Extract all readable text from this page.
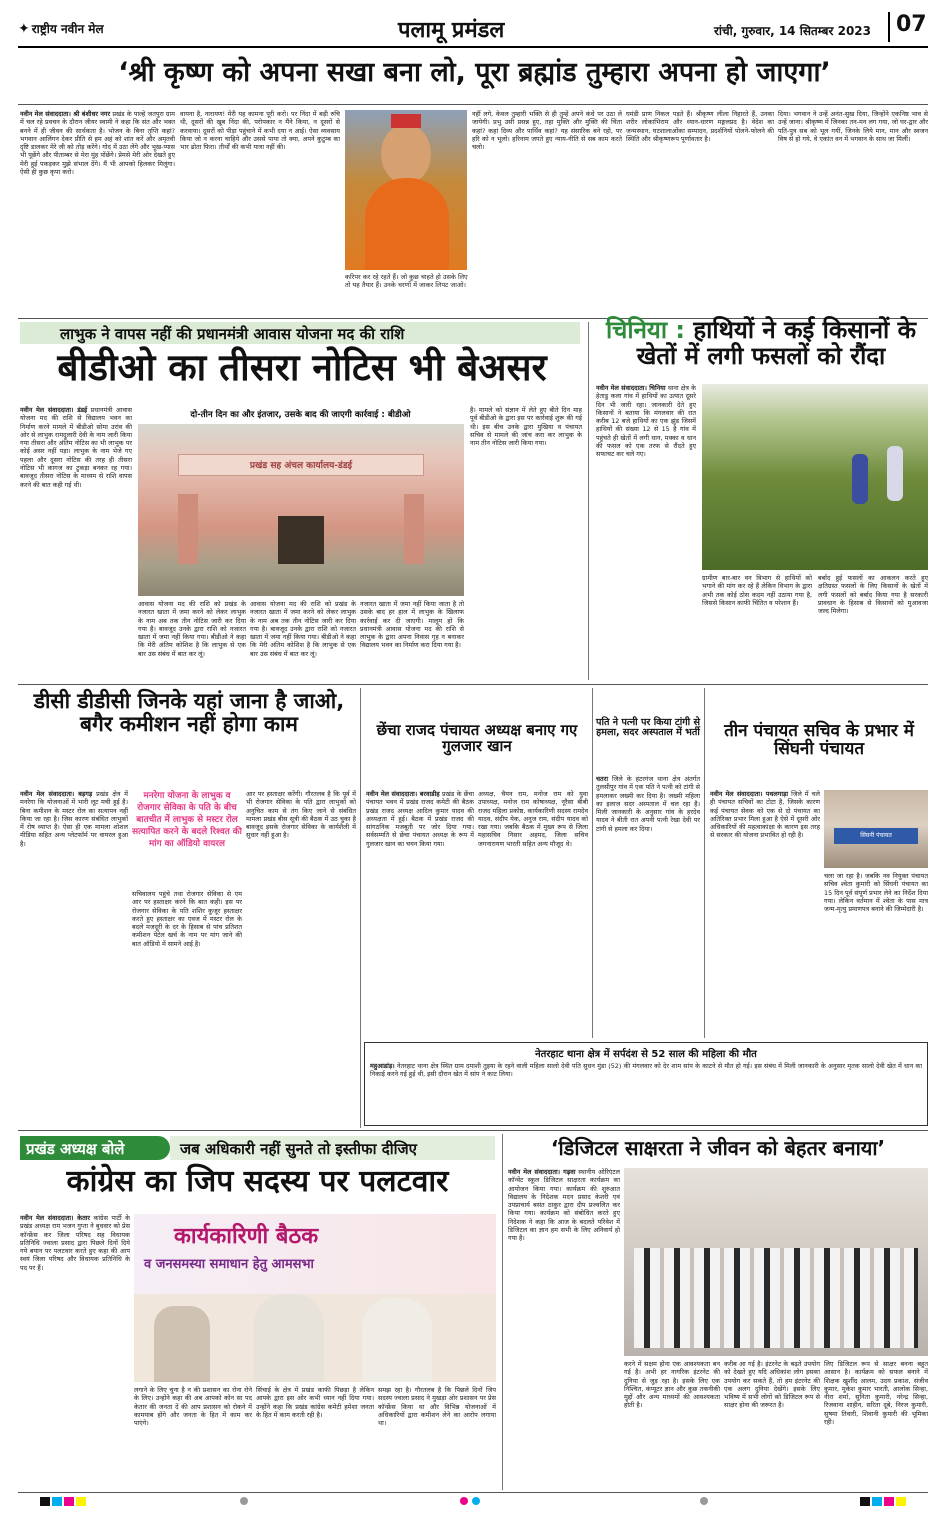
✦ राष्ट्रीय नवीन मेल	पलामू प्रमंडल	रांची, गुरुवार, 14 सितम्बर 2023	07
‘श्री कृष्ण को अपना सखा बना लो, पूरा ब्रह्मांड तुम्हारा अपना हो जाएगा’
नवीन मेल संवाददाता। श्री बंशीधर नगर प्रखंड के पाल्हे जतपुरा ग्राम में चल रहे प्रवचन के दौरान जीयर स्वामी ने कहा कि संत और भक्त बनने में ही जीवन की सार्थकता है। भोजन के बिना तृप्ति कहां? भगवान आलिंगन देकर प्रीति से हम अहं को शांत करें और अमृतवी दृष्टि डालकर मेरे जी को तोड़ करेंगे। गोद में उठा लेंगे और भूख-प्यास भी पूछेंगे और पीताम्बर से मेरा मुंह पोंछेंगे। प्रेमसे मेरी ओर देखते हुए मेरी हुई पकड़कर मुझे संभाल देंगे। मैं भी आपको हिलकर मिलूंगा। ऐसी ही कुछ कृपा करो।
वायना है, नारायण! मेरी यह कामना पूरी करो। पर निंदा में बड़ी रुचि थी, दूसरों की खूब निंदा की, परोपकार न मैंने किया, न दूसरों से करवाया। दूसरों को पीड़ा पहुंचाने में कभी दया न आई। ऐसा व्यवसाय किया जो न करना चाहिये और उससे पाया तो क्या, अपने कुटुम्ब का भार ढोता फिरा। तीर्थों की कभी यात्रा नहीं की।
करिपर कर रहे रहते हैं। जो कुछ चाहते हो उसके लिए तो यह तैयार हैं। उनके चरणों में जाकर लिपट जाओ।
नहीं लगे, केवल तुम्हारी भक्ति से ही तुम्हें अपने कंधे पर उठा ले जायेगी। प्रभु उसी प्रसन्न हुए, तहा मुक्ति और मुक्ति की चिंता कहां? कहां दिव्य और पार्थिव कहां? यह संसारिक बने रहो, पर हरि को न भूलो। हरिनाम जपते हुए न्याय-नीति से सब काम करते चलो।
घमंडी प्राण निकल पड़ते हैं। श्रीकृष्ण लीला निहारते हैं, उनका शरीर लोकाभिराम और ध्यान-धारण मङ्गलप्रद है। वेदेश का जन्मस्थान, घटशालाओंका सम्पादन, प्रदर्शनियों पोलने-फोलने की स्थिति और श्रीकृष्णरूप पूर्णावतार है।
दिया। भगवान ने उन्हें अनंत-सुख दिया, जिन्होंने एकनिष्ठ भाव से उन्हें जाना। श्रीकृष्ण में जिनका तन-मन लग गया, जो घर-द्वार और पति-पुत्र सब को भूल गयीं, जिनके लिये मान, मान और स्वजन विष से हो गये, वे एकांत वन में भगवान के साथ जा मिलीं।
लाभुक ने वापस नहीं की प्रधानमंत्री आवास योजना मद की राशि
बीडीओ का तीसरा नोटिस भी बेअसर
नवीन मेल संवाददाता। डंडई प्रधानमंत्री आवास योजना मद की राशि से विद्यालय भवन का निर्माण करने मामले में बीडीओ सोमा उरांव की ओर से लाभुक रामदुलारी देवी के नाम जारी किया गया तीसरा और अंतिम नोटिस का भी लाभुक पर कोई असर नहीं पड़ा। लाभुक के नाम भेजे गए पहला और दूसरा नोटिस की तरह ही तीसरा नोटिस भी कागज का टुकड़ा बनकर रह गया। बावजूद तीसरा नोटिस के माध्यम से राशि वापस करने की बात कही गई थी।
दो-तीन दिन का और इंतजार, उसके बाद की जाएगी कार्रवाई : बीडीओ
प्रखंड सह अंचल कार्यालय-डंडई
आवास योजना मद की राशि को प्रखंड के नजारत खाता में जमा करने को लेकर लाभुक के नाम अब तक तीन नोटिस जारी कर दिया गया है। बावजूद उनके द्वारा राशि को नजारत खाता में जमा नहीं किया गया। बीडीओ ने कहा कि मेरी अंतिम कोशिश है कि लाभुक से एक बार उस संबंध में बात कर लूं।
आवास योजना मद की राशि को प्रखंड के नजारत खाता में जमा करने को लेकर लाभुक के नाम अब तक तीन नोटिस जारी कर दिया गया है। बावजूद उनके द्वारा राशि को नजारत खाता में जमा नहीं किया गया। बीडीओ ने कहा कि मेरी अंतिम कोशिश है कि लाभुक से एक बार उस संबंध में बात कर लूं।
नजारत खाता में जमा नहीं किया जाता है तो उसके बाद हर हाल में लाभुक के खिलाफ कार्रवाई कर दी जाएगी। मालूम हो कि प्रधानमंत्री आवास योजना मद की राशि से लाभुक के द्वारा अपना निवास गृह न बनाकर विद्यालय भवन का निर्माण करा दिया गया है।
है। मामले को संज्ञान में लेते हुए बीते दिन माह पूर्व बीडीओ के द्वारा इस पर कार्रवाई शुरू की गई थी। इस बीच उनके द्वारा मुखिया व पंचायत सचिव से मामले की जांच करा कर लाभुक के नाम तीन नोटिस जारी किया गया।
चिनिया : हाथियों ने कई किसानों के खेतों में लगी फसलों को रौंदा
नवीन मेल संवाददाता। चिनिया थाना क्षेत्र के हेताडु कला गांव में हाथियों का उत्पात दूसरे दिन भी जारी रहा। जानकारी देते हुए किसानों ने बताया कि मंगलवार की रात करीब 12 बजे हाथियों का एक झुंड जिसमें हाथियों की संख्या 12 से 15 है गांव में पहुंचते ही खेतों में लगी धान, मक्का व धान की फसल को एक तरफ से रौंदते हुए सफाचट कर चले गए।
ग्रामीण बार-बार वन विभाग से हाथियों को भगाने की मांग कर रहे हैं लेकिन विभाग के द्वारा अभी तक कोई ठोस कदम नहीं उठाया गया है, जिससे किसान काफी चिंतित व परेशान हैं।
बर्बाद हुई फसलों का आकलन करते हुए क्षतिग्रस्त फसलों के लिए किसानों के खेतों में लगी फसलों को बर्बाद किया गया है सरकारी प्रावधान के हिसाब से किसानों को मुआवजा जल्द मिलेगा।
डीसी डीडीसी जिनके यहां जाना है जाओ, बगैर कमीशन नहीं होगा काम
नवीन मेल संवाददाता। बड़गड़ प्रखंड क्षेत्र में मनरेगा कि योजनाओं में भारी लूट मची हुई है। बिना कमीशन के मस्टर रोल का सत्यापन नहीं किया जा रहा है। जिस कारण संबंधित लाभुकों में रोष व्याप्त है। ऐसा ही एक मामला शोशल मीडिया सहित अन्य प्लेटफॉर्म पर वायरल हुआ है।
मनरेगा योजना के लाभुक व रोजगार सेविका के पति के बीच बातचीत में लाभुक से मस्टर रोल सत्यापित करने के बदले रिश्वत की मांग का ऑडियो वायरल
सचिवालय पहुंचे तथा रोजगार सेविका से एम आर पर हस्ताक्षर करने कि बात कही। इस पर रोजगार सेविका के पति शशिर कुजूर हस्ताक्षर करते हुए हस्ताक्षर का एवज में मस्टर रोल के बदले मजदूरी के दर के हिसाब से पांच प्रतिशत कमीशन पेटेल खर्च के नाम पर मांग जाने की बात ऑडियो में सामने आई है।
आर पर हस्ताक्षर करेंगी। गौरतलब है कि पूर्व में भी रोजगार सेविका के पति द्वारा लाभुकों को अनुचित काम से तंग किए जाने से संबंधित मामला प्रखंड बीस सूत्री की बैठक में उठ चुका है बावजूद इसके रोजगार सेविका के कार्यशैली में सुधार नहीं हुआ है।
छेंचा राजद पंचायत अध्यक्ष बनाए गए गुलजार खान
नवीन मेल संवाददाता। बरवाडीह प्रखंड के छेंचा पंचायत भवन में प्रखंड राजद कमेटी की बैठक प्रखंड राजद अध्यक्ष आदिल कुमार यादव की अध्यक्षता में हुई। बैठक में प्रखंड राजद की सांगठनिक मजबूती पर जोर दिया गया। सर्वसम्मति से छेंचा पंचायत अध्यक्ष के रूप में गुलजार खान का चयन किया गया।
अध्यक्ष, चैयन राम, मनोज राम को युवा उपाध्यक्ष, मनोज राम कोषाध्यक्ष, नूरैसा बीबी राजद महिला प्रकोष्ठ, कार्यकारिणी सदस्य रामदेव यादव, संदीप येक, अनुज राम, संदीप यादव को रखा गया। जबकि बैठक में मुख्य रूप से जिला महासचिव निसार अहमद, जिला सचिव जगनारायण भारती सहित अन्य मौजूद थे।
पति ने पत्नी पर किया टांगी से हमला, सदर अस्पताल में भर्ती
चतरा जिले के हंटरगंज थाना क्षेत्र अंतर्गत तुलसीपुर गांव में एक पति ने पत्नी को टांगी से हमलाकर जख्मी कर दिया है। जख्मी महिला का इलाज सदर अस्पताल में चल रहा है। मिली जानकारी के अनुसार गांव के हरदेव यादव ने बीती रात अपनी पत्नी रेखा देवी पर टांगी से हमला कर दिया।
तीन पंचायत सचिव के प्रभार में सिंघनी पंचायत
नवीन मेल संवाददाता। पथलगाड़ा जिले में चले ही पंचायत सचिवों का टोटा है, जिसके कारण कई पंचायत सेवक को एक से दो पंचायत का अतिरिक्त प्रभार मिला हुआ है ऐसे में दूसरी ओर अधिकारियों की महत्वाकांक्षा के कारण इस तरह से सरकार की योजना प्रभावित हो रही है।	सिंघनी पंचायत
चला जा रहा है। जबकि नव नियुक्त पंचायत सचिव श्वेता कुमारी को सिंघनी पंचायत का 15 दिन पूर्व संपूर्ण प्रभार लेने का निर्देश दिया गया। लेकिन वर्तमान में श्वेता के पास मात्र जन्म-मृत्यु प्रमाणपत्र बनाने की जिम्मेदारी है।
नेतरहाट थाना क्षेत्र में सर्पदंश से 52 साल की महिला की मौत
महुआडांड़। नेतरहाट थाना क्षेत्र स्थित ग्राम दमाशी तुइया के रहने वाली महिला सालो देवी पति सुधन मुंडा (52) की मंगलवार को देर शाम सांप के काटने से मौत हो गई। इस संबंध में मिली जानकारी के अनुसार मृतक सालो देवी खेत में धान का निकाई करने गई हुई थी, इसी दौरान खेत में सांप ने काट लिया।
प्रखंड अध्यक्ष बोले	जब अधिकारी नहीं सुनते तो इस्तीफा दीजिए
कांग्रेस का जिप सदस्य पर पलटवार
नवीन मेल संवाददाता। केतार कांग्रेस पार्टी के प्रखंड अध्यक्ष राम भजन गुप्ता ने बुधवार को प्रेस कॉन्फ्रेंस कर जिला परिषद सह विधायक प्रतिनिधि ज्वाला प्रसाद द्वारा पिछले दिनों दिये गये बयान पर पलटवार करते हुए कहा की आप स्वयं जिला परिषद और विधायक प्रतिनिधि के पद पर हैं।
कार्यकारिणी बैठक
व जनसमस्या समाधान हेतु आमसभा
लगाने के लिए चुना है न की प्रशासन का रोना रोने के लिए। उन्होंने कहा की अब आपको कोन सा पद केतार की जनता दें की आप प्रशासन को रोकने में कामयाब होंगे और जनता के हित में काम कर पाएंगे।
सिंचाई के क्षेत्र में प्रखंड काफी पिछड़ा है लेकिन आपके द्वारा इस ओर कभी ध्यान नहीं दिया गया। उन्होंने कहा कि प्रखंड कांग्रेस कमेटी हमेशा जनता के हित में काम करती रही है।
समझ रहा है। गौरतलब है कि पिछले दिनों जिप सदस्य ज्वाला प्रसाद ने मुखड़ा ओर प्रशासन पर प्रेस कॉन्फ्रेंस किया था और विभिन्न योजनाओं में अधिकारियों द्वारा कमीशन लेने का आरोप लगाया था।
‘डिजिटल साक्षरता ने जीवन को बेहतर बनाया’
नवीन मेल संवाददाता। गढ़वा स्थानीय ओरिएंटल कॉन्वेंट स्कूल डिजिटल साक्षरता कार्यक्रम का आयोजन किया गया। कार्यक्रम की शुरुआत विद्यालय के निदेशक मदन प्रसाद केशरी एवं उपप्राचार्य बसंत ठाकुर द्वारा दीप प्रज्वलित कर किया गया। कार्यक्रम को संबोधित करते हुए निदेशक ने कहा कि आज के बदलते परिवेश में डिजिटल का ज्ञान हम सभी के लिए अनिवार्य हो गया है।
करने में सक्षम होना एक आवश्यकता बन गई है। अभी हर नागरिक इंटरनेट की दुनिया से जुड़ रहा है। इसके लिए एक निश्चित, कंप्यूटर ज्ञान और कुछ तकनीकी मुद्दों और अन्य माध्यमों की आवश्यकता होती है।
करीब आ गई है। इंटरनेट के बढ़ते उपयोग को देखते हुए यदि अधिकांश लोग इसका उपयोग कर सकते हैं, तो हम इंटरनेट की एक अलग दुनिया देखेंगे। इसके लिए भविष्य में सभी लोगों को डिजिटल रूप से साक्षर होना की जरूरत है।
लिए डिजिटल रूप से साक्षर बनना बहुत आसान है। कार्यक्रम को सफल बनाने में शिक्षक खुर्शीद आलम, उदय प्रकाश, संजीव कुमार, मुकेश कुमार भारती, आलोक सिन्हा, नीरा शर्मा, सुनिता कुमारी, नरेन्द्र सिन्हा, रिजवाना शाहीन, सरिता दूबे, निरज कुमारी, सुषमा तिवारी, शिवानी कुमारी की भूमिका रही।
